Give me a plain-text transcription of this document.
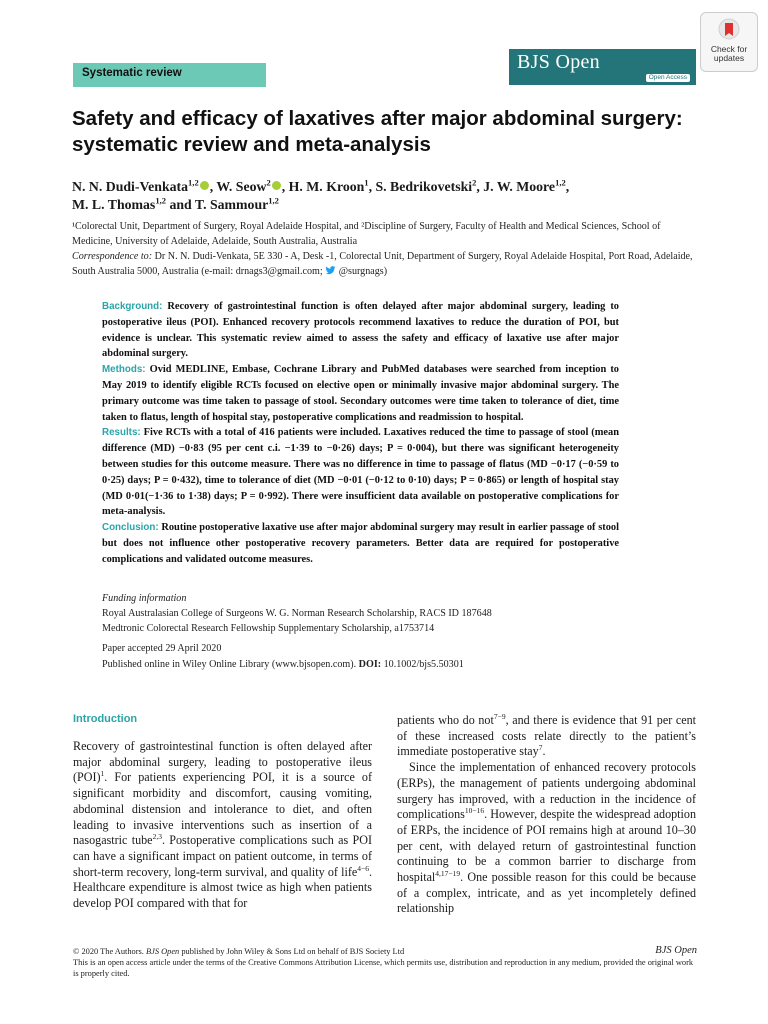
Systematic review	BJS Open
Open Access
Check for updates
Safety and efficacy of laxatives after major abdominal surgery: systematic review and meta-analysis
N. N. Dudi-Venkata$^{1,2}$ , W. Seow$^2$ , H. M. Kroon$^1$, S. Bedrikovetski$^2$, J. W. Moore$^{1,2}$,
M. L. Thomas$^{1,2}$ and T. Sammour$^{1,2}$
¹Colorectal Unit, Department of Surgery, Royal Adelaide Hospital, and ²Discipline of Surgery, Faculty of Health and Medical Sciences, School of Medicine, University of Adelaide, Adelaide, South Australia, Australia
Correspondence to: Dr N. N. Dudi-Venkata, 5E 330 - A, Desk -1, Colorectal Unit, Department of Surgery, Royal Adelaide Hospital, Port Road, Adelaide, South Australia 5000, Australia (e-mail: drnags3@gmail.com;  @surgnags)

Background: Recovery of gastrointestinal function is often delayed after major abdominal surgery, leading to postoperative ileus (POI). Enhanced recovery protocols recommend laxatives to reduce the duration of POI, but evidence is unclear. This systematic review aimed to assess the safety and efficacy of laxative use after major abdominal surgery.

Methods: Ovid MEDLINE, Embase, Cochrane Library and PubMed databases were searched from inception to May 2019 to identify eligible RCTs focused on elective open or minimally invasive major abdominal surgery. The primary outcome was time taken to passage of stool. Secondary outcomes were time taken to tolerance of diet, time taken to flatus, length of hospital stay, postoperative complications and readmission to hospital.

Results: Five RCTs with a total of 416 patients were included. Laxatives reduced the time to passage of stool (mean difference (MD) −0·83 (95 per cent c.i. −1·39 to −0·26) days; P = 0·004), but there was significant heterogeneity between studies for this outcome measure. There was no difference in time to passage of flatus (MD −0·17 (−0·59 to 0·25) days; P = 0·432), time to tolerance of diet (MD −0·01 (−0·12 to 0·10) days; P = 0·865) or length of hospital stay (MD 0·01(−1·36 to 1·38) days; P = 0·992). There were insufficient data available on postoperative complications for meta-analysis.

Conclusion: Routine postoperative laxative use after major abdominal surgery may result in earlier passage of stool but does not influence other postoperative recovery parameters. Better data are required for postoperative complications and validated outcome measures.

Funding information
Royal Australasian College of Surgeons W. G. Norman Research Scholarship, RACS ID 187648
Medtronic Colorectal Research Fellowship Supplementary Scholarship, a1753714
Paper accepted 29 April 2020
Published online in Wiley Online Library (www.bjsopen.com). DOI: 10.1002/bjs5.50301
Introduction

Recovery of gastrointestinal function is often delayed after major abdominal surgery, leading to postoperative ileus (POI)$^1$. For patients experiencing POI, it is a source of significant morbidity and discomfort, causing vomiting, abdominal distension and intolerance to diet, and often leading to invasive interventions such as insertion of a nasogastric tube$^{2,3}$. Postoperative complications such as POI can have a significant impact on patient outcome, in terms of short-term recovery, long-term survival, and quality of life$^{4-6}$. Healthcare expenditure is almost twice as high when patients develop POI compared with that for

patients who do not$^{7-9}$, and there is evidence that 91 per cent of these increased costs relate directly to the patient’s immediate postoperative stay$^7$.

Since the implementation of enhanced recovery protocols (ERPs), the management of patients undergoing abdominal surgery has improved, with a reduction in the incidence of complications$^{10-16}$. However, despite the widespread adoption of ERPs, the incidence of POI remains high at around 10–30 per cent, with delayed return of gastrointestinal function continuing to be a common barrier to discharge from hospital$^{4,17-19}$. One possible reason for this could be because of a complex, intricate, and as yet incompletely defined relationship

© 2020 The Authors. BJS Open published by John Wiley & Sons Ltd on behalf of BJS Society Ltd
This is an open access article under the terms of the Creative Commons Attribution License, which permits use, distribution and reproduction in any medium, provided the original work is properly cited.
BJS Open
